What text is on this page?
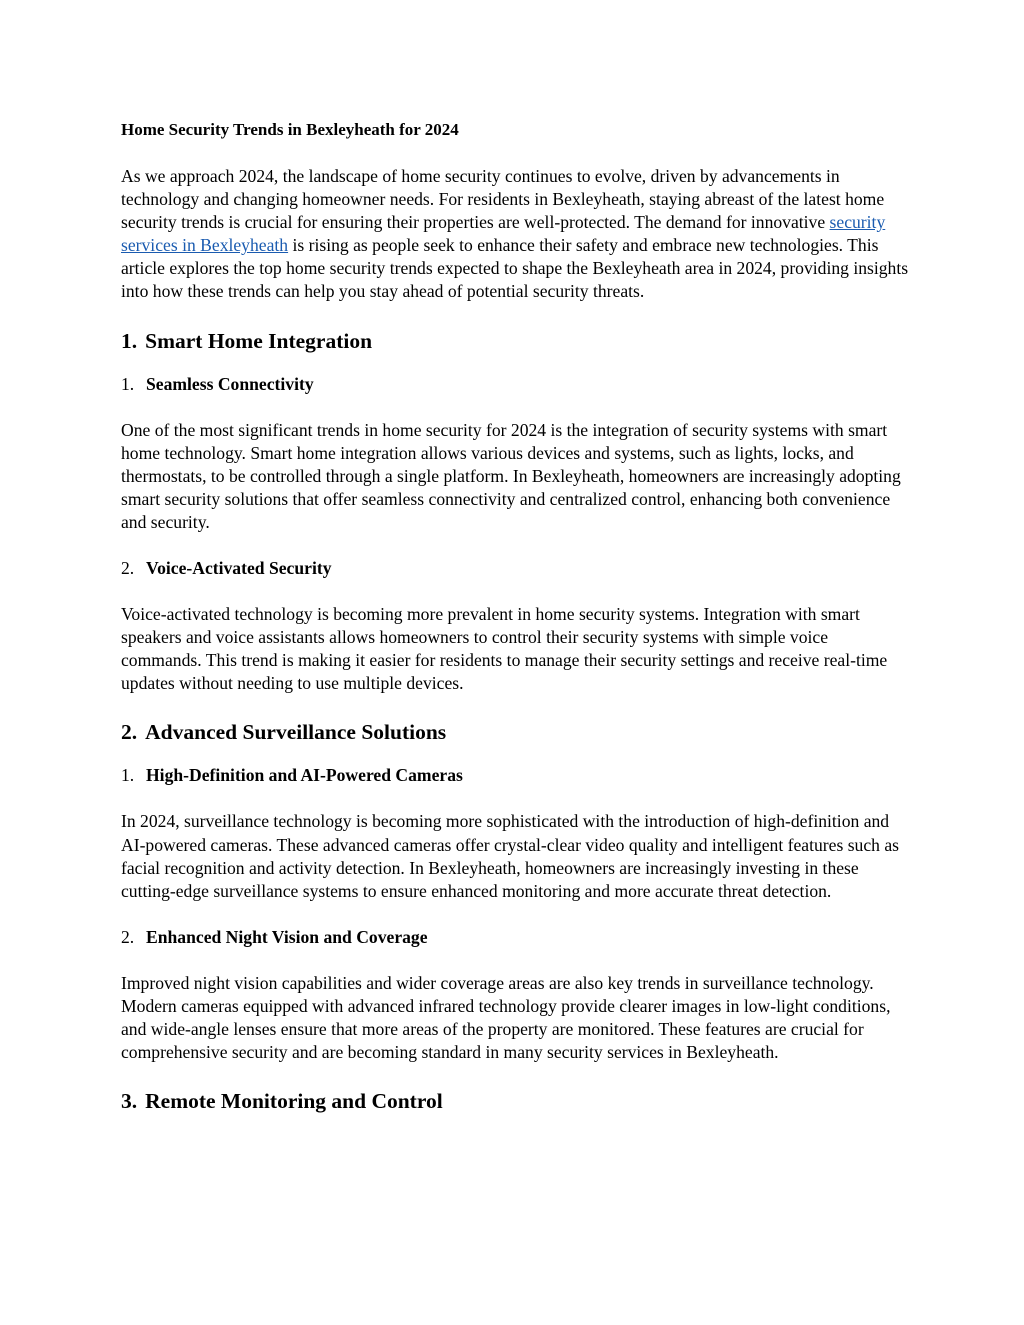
Home Security Trends in Bexleyheath for 2024

As we approach 2024, the landscape of home security continues to evolve, driven by advancements in technology and changing homeowner needs. For residents in Bexleyheath, staying abreast of the latest home security trends is crucial for ensuring their properties are well-protected. The demand for innovative security services in Bexleyheath is rising as people seek to enhance their safety and embrace new technologies. This article explores the top home security trends expected to shape the Bexleyheath area in 2024, providing insights into how these trends can help you stay ahead of potential security threats.

1. Smart Home Integration
1. Seamless Connectivity

One of the most significant trends in home security for 2024 is the integration of security systems with smart home technology. Smart home integration allows various devices and systems, such as lights, locks, and thermostats, to be controlled through a single platform. In Bexleyheath, homeowners are increasingly adopting smart security solutions that offer seamless connectivity and centralized control, enhancing both convenience and security.

2. Voice-Activated Security

Voice-activated technology is becoming more prevalent in home security systems. Integration with smart speakers and voice assistants allows homeowners to control their security systems with simple voice commands. This trend is making it easier for residents to manage their security settings and receive real-time updates without needing to use multiple devices.

2. Advanced Surveillance Solutions
1. High-Definition and AI-Powered Cameras

In 2024, surveillance technology is becoming more sophisticated with the introduction of high-definition and AI-powered cameras. These advanced cameras offer crystal-clear video quality and intelligent features such as facial recognition and activity detection. In Bexleyheath, homeowners are increasingly investing in these cutting-edge surveillance systems to ensure enhanced monitoring and more accurate threat detection.

2. Enhanced Night Vision and Coverage

Improved night vision capabilities and wider coverage areas are also key trends in surveillance technology. Modern cameras equipped with advanced infrared technology provide clearer images in low-light conditions, and wide-angle lenses ensure that more areas of the property are monitored. These features are crucial for comprehensive security and are becoming standard in many security services in Bexleyheath.

3. Remote Monitoring and Control
